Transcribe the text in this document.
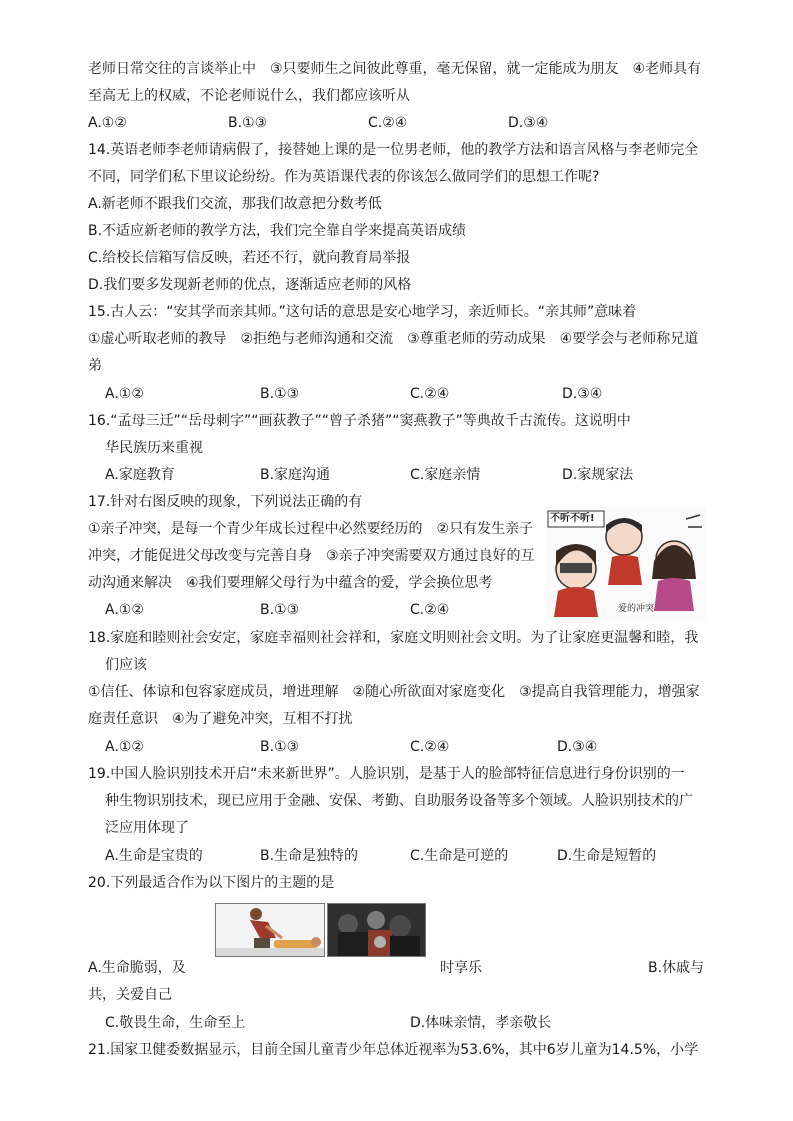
老师日常交往的言谈举止中　③只要师生之间彼此尊重，毫无保留，就一定能成为朋友　④老师具有
至高无上的权威，不论老师说什么，我们都应该听从
A.①②	B.①③	C.②④	D.③④
14.英语老师李老师请病假了，接替她上课的是一位男老师，他的教学方法和语言风格与李老师完全
不同，同学们私下里议论纷纷。作为英语课代表的你该怎么做同学们的思想工作呢?
A.新老师不跟我们交流，那我们故意把分数考低
B.不适应新老师的教学方法，我们完全靠自学来提高英语成绩
C.给校长信箱写信反映，若还不行，就向教育局举报
D.我们要多发现新老师的优点，逐渐适应老师的风格
15.古人云：“安其学而亲其师。”这句话的意思是安心地学习，亲近师长。“亲其师”意味着
①虚心听取老师的教导　②拒绝与老师沟通和交流　③尊重老师的劳动成果　④要学会与老师称兄道
弟
A.①②	B.①③	C.②④	D.③④
16.“孟母三迁”“岳母刺字”“画荻教子”“曾子杀猪”“窦燕教子”等典故千古流传。这说明中
华民族历来重视
A.家庭教育	B.家庭沟通	C.家庭亲情	D.家规家法
17.针对右图反映的现象，下列说法正确的有
①亲子冲突，是每一个青少年成长过程中必然要经历的　②只有发生亲子
冲突，才能促进父母改变与完善自身　③亲子冲突需要双方通过良好的互
动沟通来解决　④我们要理解父母行为中蕴含的爱，学会换位思考
A.①②	B.①③	C.②④
不听不听!
爱的冲突
18.家庭和睦则社会安定，家庭幸福则社会祥和，家庭文明则社会文明。为了让家庭更温馨和睦，我
们应该
①信任、体谅和包容家庭成员，增进理解　②随心所欲面对家庭变化　③提高自我管理能力，增强家
庭责任意识　④为了避免冲突，互相不打扰
A.①②	B.①③	C.②④	D.③④
19.中国人脸识别技术开启“未来新世界”。人脸识别，是基于人的脸部特征信息进行身份识别的一
种生物识别技术，现已应用于金融、安保、考勤、自助服务设备等多个领域。人脸识别技术的广
泛应用体现了
A.生命是宝贵的	B.生命是独特的	C.生命是可逆的	D.生命是短暂的
20.下列最适合作为以下图片的主题的是
A.生命脆弱，及	时享乐	B.休戚与
共，关爱自己
C.敬畏生命，生命至上	D.体味亲情，孝亲敬长
21.国家卫健委数据显示，目前全国儿童青少年总体近视率为53.6%，其中6岁儿童为14.5%，小学
